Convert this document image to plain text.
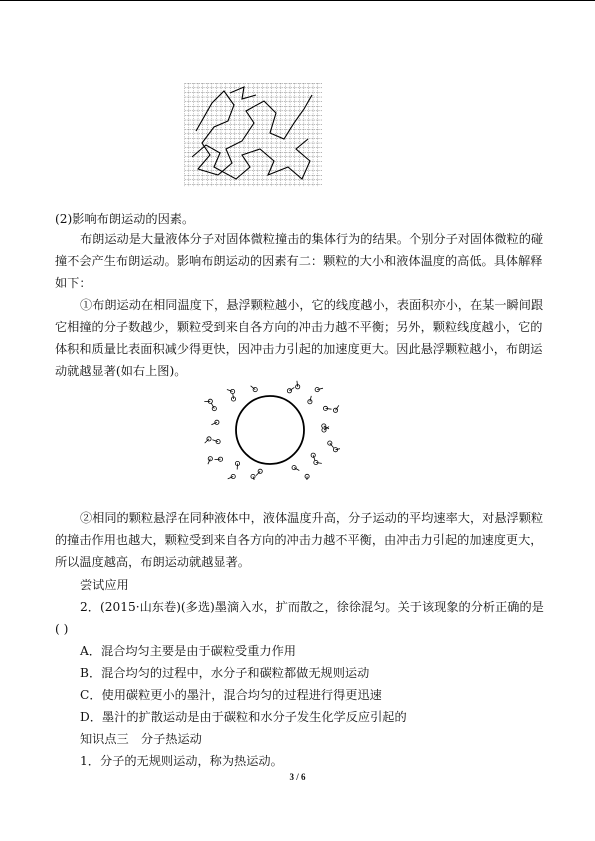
(2)影响布朗运动的因素。
布朗运动是大量液体分子对固体微粒撞击的集体行为的结果。个别分子对固体微粒的碰
撞不会产生布朗运动。影响布朗运动的因素有二：颗粒的大小和液体温度的高低。具体解释
如下：
①布朗运动在相同温度下，悬浮颗粒越小，它的线度越小，表面积亦小，在某一瞬间跟
它相撞的分子数越少，颗粒受到来自各方向的冲击力越不平衡；另外，颗粒线度越小，它的
体积和质量比表面积减少得更快，因冲击力引起的加速度更大。因此悬浮颗粒越小，布朗运
动就越显著(如右上图)。
②相同的颗粒悬浮在同种液体中，液体温度升高，分子运动的平均速率大，对悬浮颗粒
的撞击作用也越大，颗粒受到来自各方向的冲击力越不平衡，由冲击力引起的加速度更大，
所以温度越高，布朗运动就越显著。
尝试应用
2．(2015·山东卷)(多选)墨滴入水，扩而散之，徐徐混匀。关于该现象的分析正确的是
( )
A．混合均匀主要是由于碳粒受重力作用
B．混合均匀的过程中，水分子和碳粒都做无规则运动
C．使用碳粒更小的墨汁，混合均匀的过程进行得更迅速
D．墨汁的扩散运动是由于碳粒和水分子发生化学反应引起的
知识点三　分子热运动
1．分子的无规则运动，称为热运动。
3 / 6
